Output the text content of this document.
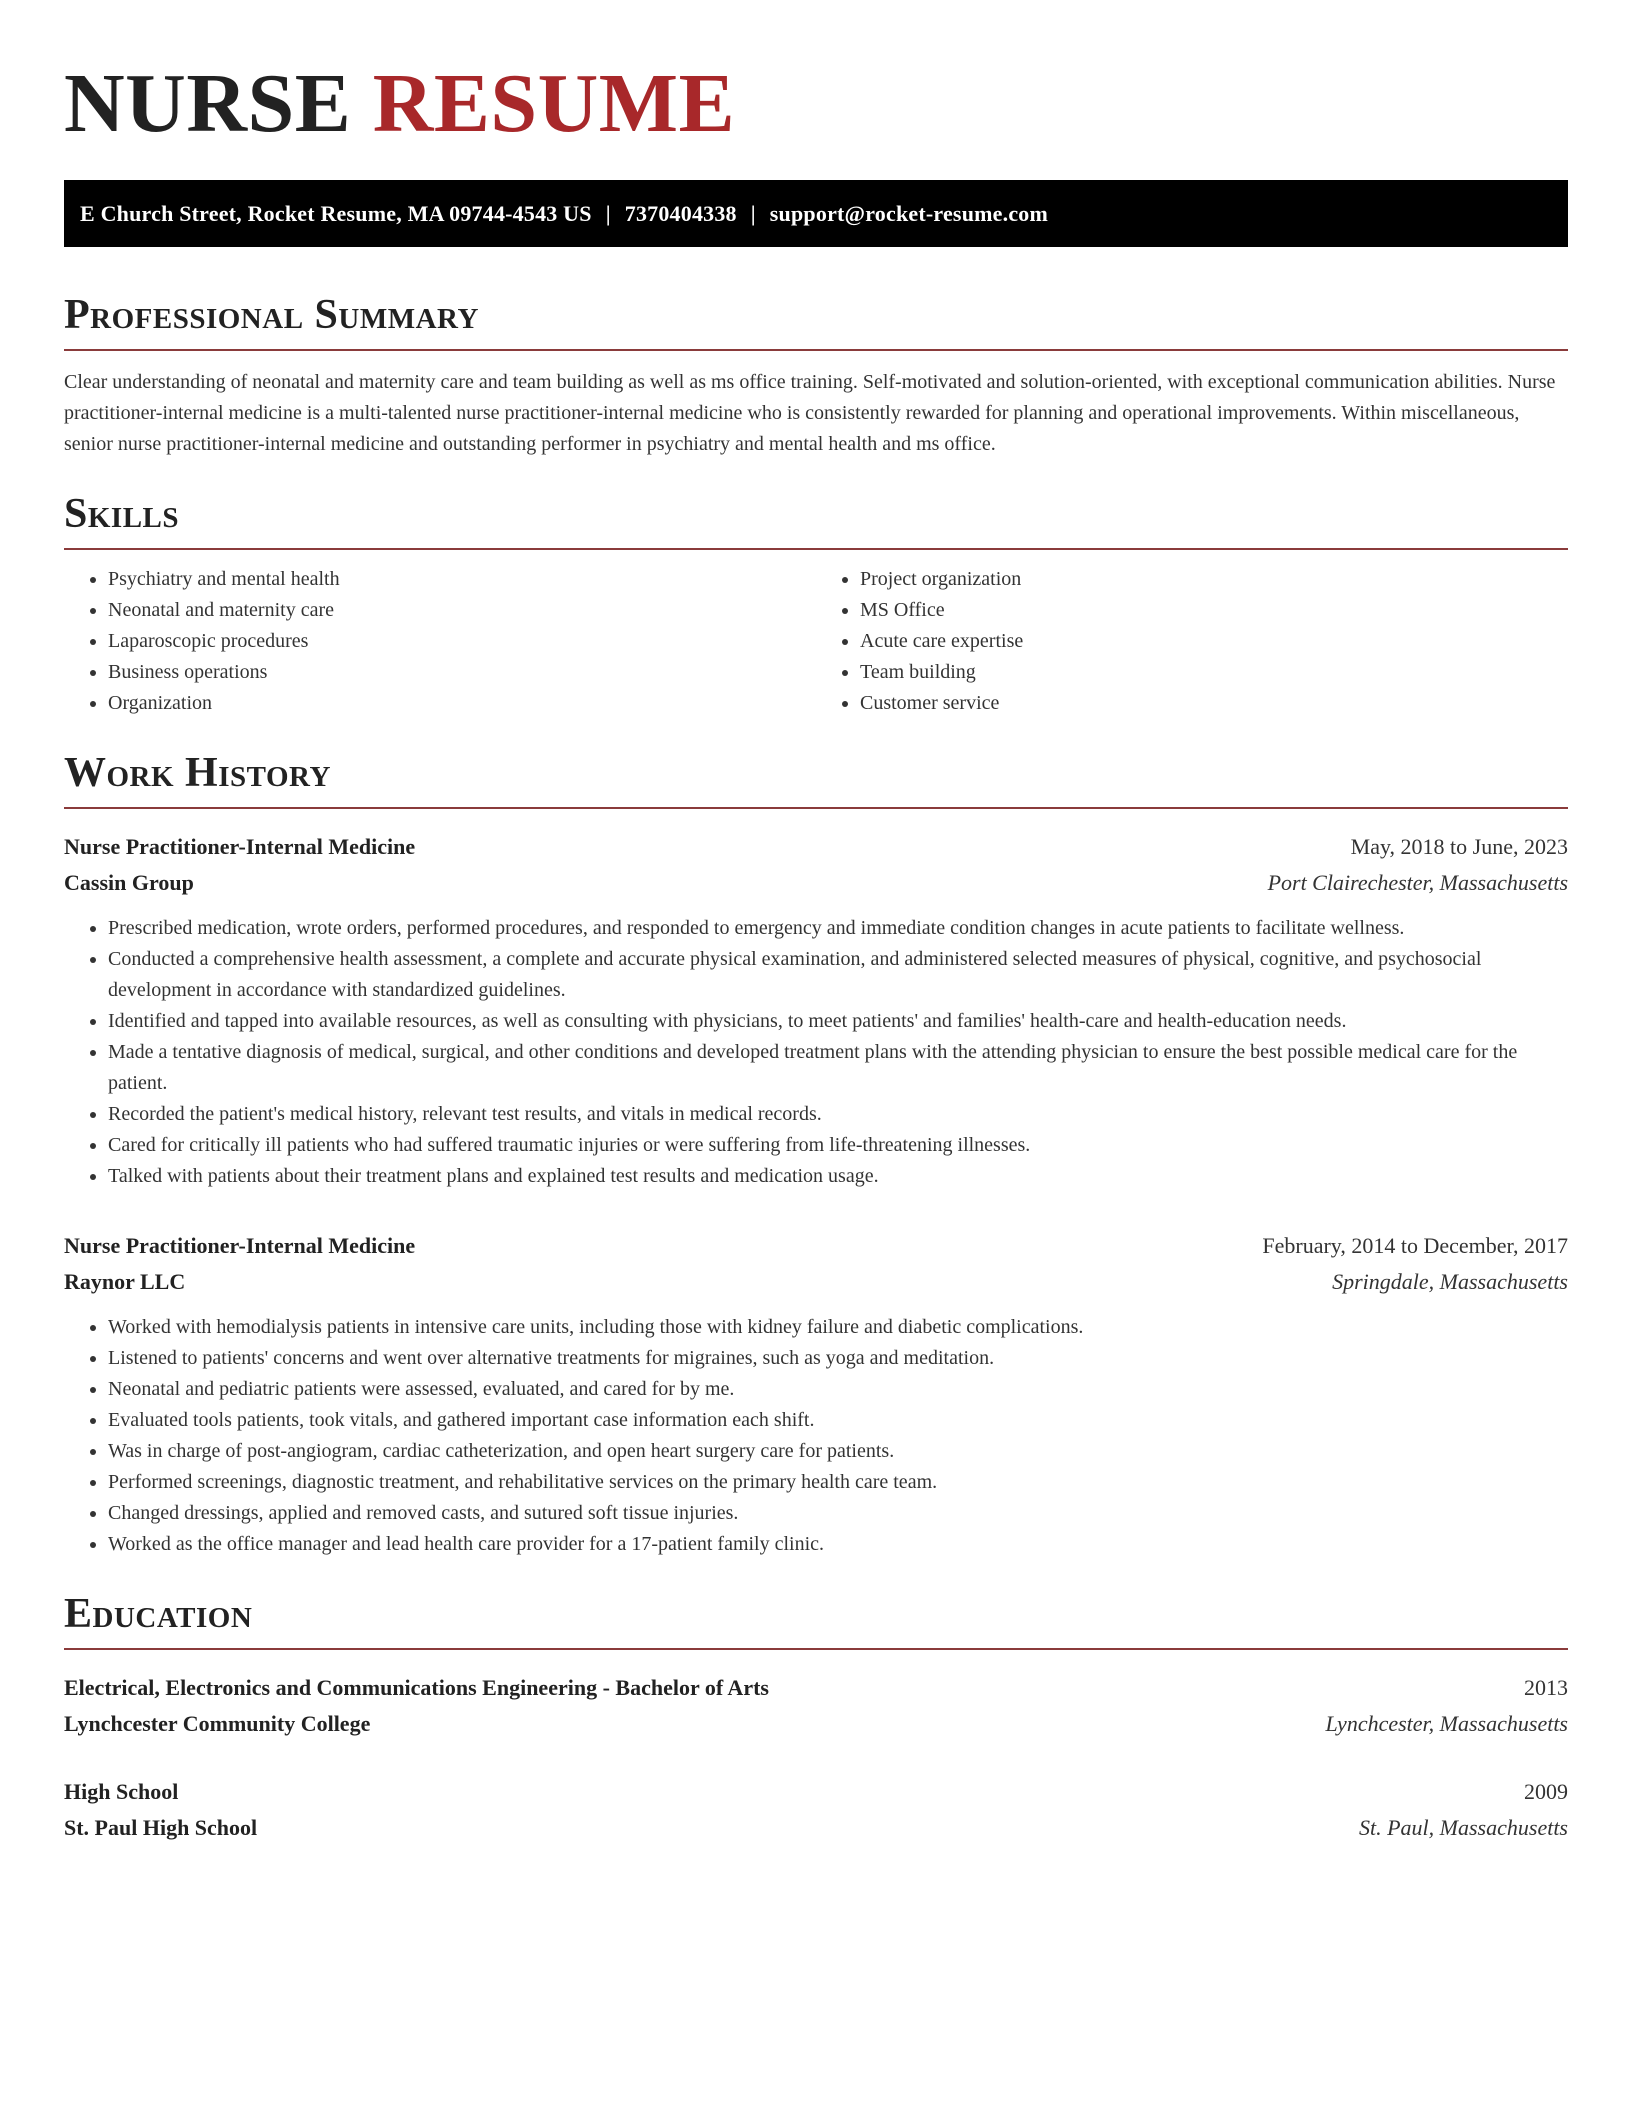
NURSE RESUME
E Church Street, Rocket Resume, MA 09744-4543 US | 7370404338 | support@rocket-resume.com
Professional Summary

Clear understanding of neonatal and maternity care and team building as well as ms office training. Self-motivated and solution-oriented, with exceptional communication abilities. Nurse practitioner-internal medicine is a multi-talented nurse practitioner-internal medicine who is consistently rewarded for planning and operational improvements. Within miscellaneous, senior nurse practitioner-internal medicine and outstanding performer in psychiatry and mental health and ms office.

Skills
• Psychiatry and mental health
• Neonatal and maternity care
• Laparoscopic procedures
• Business operations
• Organization
• Project organization
• MS Office
• Acute care expertise
• Team building
• Customer service
Work History
Nurse Practitioner-Internal Medicine	May, 2018 to June, 2023
Cassin Group	Port Clairechester, Massachusetts
• Prescribed medication, wrote orders, performed procedures, and responded to emergency and immediate condition changes in acute patients to facilitate wellness.
• Conducted a comprehensive health assessment, a complete and accurate physical examination, and administered selected measures of physical, cognitive, and psychosocial development in accordance with standardized guidelines.
• Identified and tapped into available resources, as well as consulting with physicians, to meet patients' and families' health-care and health-education needs.
• Made a tentative diagnosis of medical, surgical, and other conditions and developed treatment plans with the attending physician to ensure the best possible medical care for the patient.
• Recorded the patient's medical history, relevant test results, and vitals in medical records.
• Cared for critically ill patients who had suffered traumatic injuries or were suffering from life-threatening illnesses.
• Talked with patients about their treatment plans and explained test results and medication usage.
Nurse Practitioner-Internal Medicine	February, 2014 to December, 2017
Raynor LLC	Springdale, Massachusetts
• Worked with hemodialysis patients in intensive care units, including those with kidney failure and diabetic complications.
• Listened to patients' concerns and went over alternative treatments for migraines, such as yoga and meditation.
• Neonatal and pediatric patients were assessed, evaluated, and cared for by me.
• Evaluated tools patients, took vitals, and gathered important case information each shift.
• Was in charge of post-angiogram, cardiac catheterization, and open heart surgery care for patients.
• Performed screenings, diagnostic treatment, and rehabilitative services on the primary health care team.
• Changed dressings, applied and removed casts, and sutured soft tissue injuries.
• Worked as the office manager and lead health care provider for a 17-patient family clinic.
Education
Electrical, Electronics and Communications Engineering - Bachelor of Arts	2013
Lynchcester Community College	Lynchcester, Massachusetts
High School	2009
St. Paul High School	St. Paul, Massachusetts
